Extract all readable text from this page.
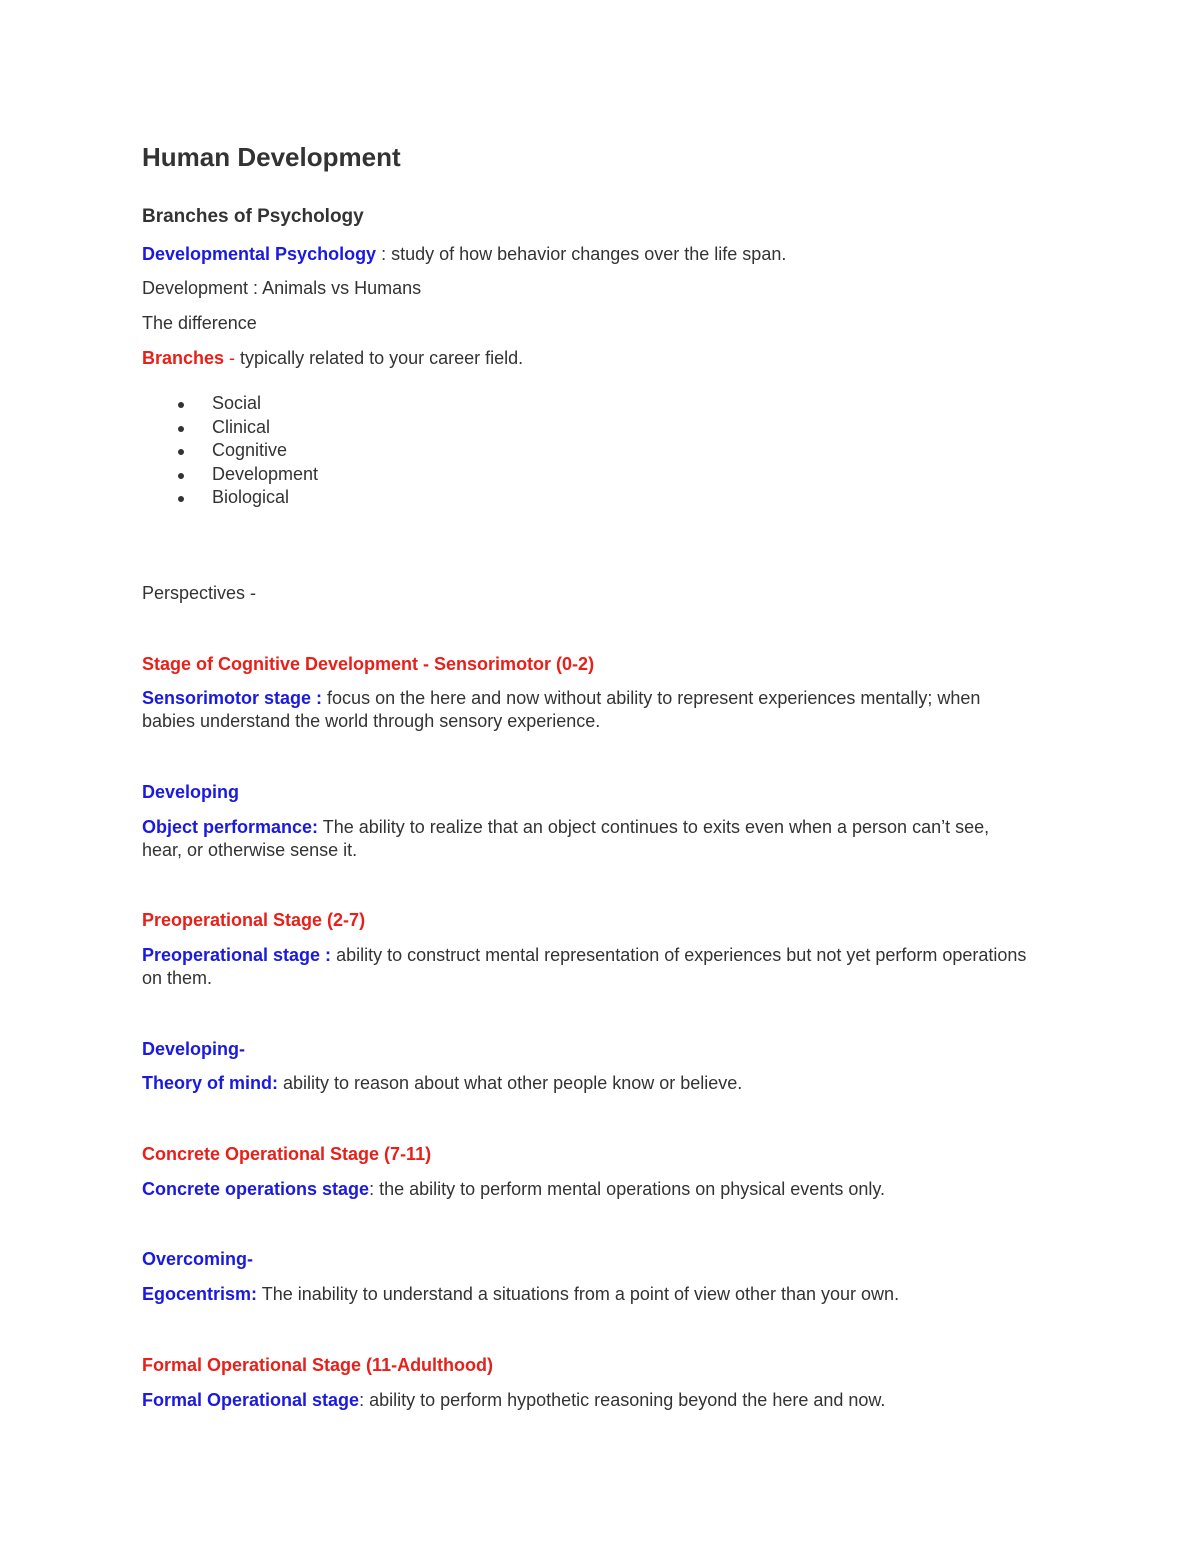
Human Development
Branches of Psychology
Developmental Psychology : study of how behavior changes over the life span.
Development : Animals vs Humans
The difference
Branches - typically related to your career field.
Social
Clinical
Cognitive
Development
Biological
Perspectives -
Stage of Cognitive Development - Sensorimotor (0-2)
Sensorimotor stage : focus on the here and now without ability to represent experiences mentally; when babies understand the world through sensory experience.
Developing
Object performance: The ability to realize that an object continues to exits even when a person can’t see, hear, or otherwise sense it.
Preoperational Stage (2-7)
Preoperational stage : ability to construct mental representation of experiences but not yet perform operations on them.
Developing-
Theory of mind: ability to reason about what other people know or believe.
Concrete Operational Stage (7-11)
Concrete operations stage: the ability to perform mental operations on physical events only.
Overcoming-
Egocentrism: The inability to understand a situations from a point of view other than your own.
Formal Operational Stage (11-Adulthood)
Formal Operational stage: ability to perform hypothetic reasoning beyond the here and now.
